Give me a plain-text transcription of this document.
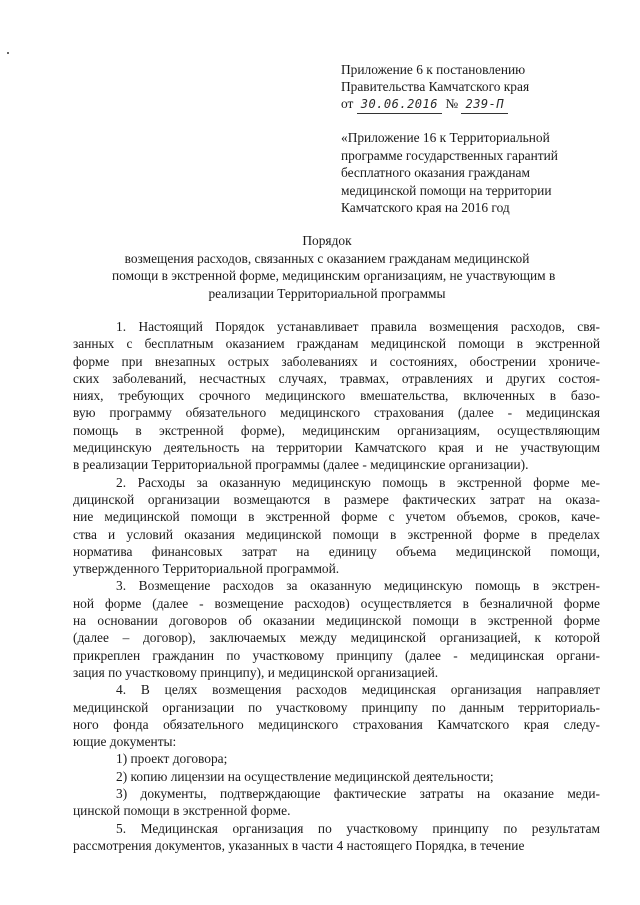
Приложение 6 к постановлению
Правительства Камчатского края
от 30.06.2016 № 239-П
«Приложение 16 к Территориальной
программе государственных гарантий
бесплатного оказания гражданам
медицинской помощи на территории
Камчатского края на 2016 год
Порядок
возмещения расходов, связанных с оказанием гражданам медицинской
помощи в экстренной форме, медицинским организациям, не участвующим в
реализации Территориальной программы
1. Настоящий Порядок устанавливает правила возмещения расходов, свя-
занных с бесплатным оказанием гражданам медицинской помощи в экстренной
форме при внезапных острых заболеваниях и состояниях, обострении хрониче-
ских заболеваний, несчастных случаях, травмах, отравлениях и других состоя-
ниях, требующих срочного медицинского вмешательства, включенных в базо-
вую программу обязательного медицинского страхования (далее - медицинская
помощь в экстренной форме), медицинским организациям, осуществляющим
медицинскую деятельность на территории Камчатского края и не участвующим
в реализации Территориальной программы (далее - медицинские организации).
2. Расходы за оказанную медицинскую помощь в экстренной форме ме-
дицинской организации возмещаются в размере фактических затрат на оказа-
ние медицинской помощи в экстренной форме с учетом объемов, сроков, каче-
ства и условий оказания медицинской помощи в экстренной форме в пределах
норматива финансовых затрат на единицу объема медицинской помощи,
утвержденного Территориальной программой.
3. Возмещение расходов за оказанную медицинскую помощь в экстрен-
ной форме (далее - возмещение расходов) осуществляется в безналичной форме
на основании договоров об оказании медицинской помощи в экстренной форме
(далее – договор), заключаемых между медицинской организацией, к которой
прикреплен гражданин по участковому принципу (далее - медицинская органи-
зация по участковому принципу), и медицинской организацией.
4. В целях возмещения расходов медицинская организация направляет
медицинской организации по участковому принципу по данным территориаль-
ного фонда обязательного медицинского страхования Камчатского края следу-
ющие документы:
1) проект договора;
2) копию лицензии на осуществление медицинской деятельности;
3) документы, подтверждающие фактические затраты на оказание меди-
цинской помощи в экстренной форме.
5. Медицинская организация по участковому принципу по результатам
рассмотрения документов, указанных в части 4 настоящего Порядка, в течение
